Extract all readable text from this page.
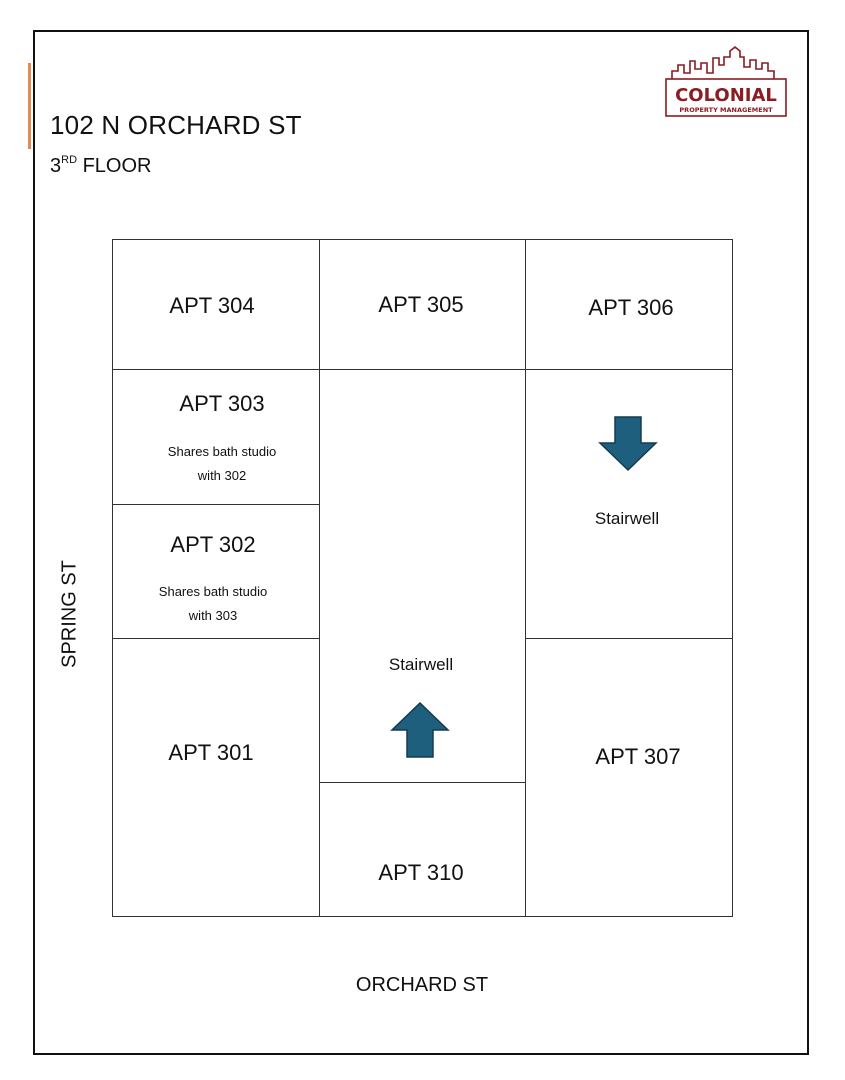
102 N ORCHARD ST
3RD FLOOR
COLONIAL
PROPERTY MANAGEMENT
APT 304	APT 305	APT 306
APT 303
Shares bath studio
with 302
APT 302
Shares bath studio
with 303
APT 301	APT 307
APT 310
Stairwell
Stairwell
SPRING ST
ORCHARD ST
